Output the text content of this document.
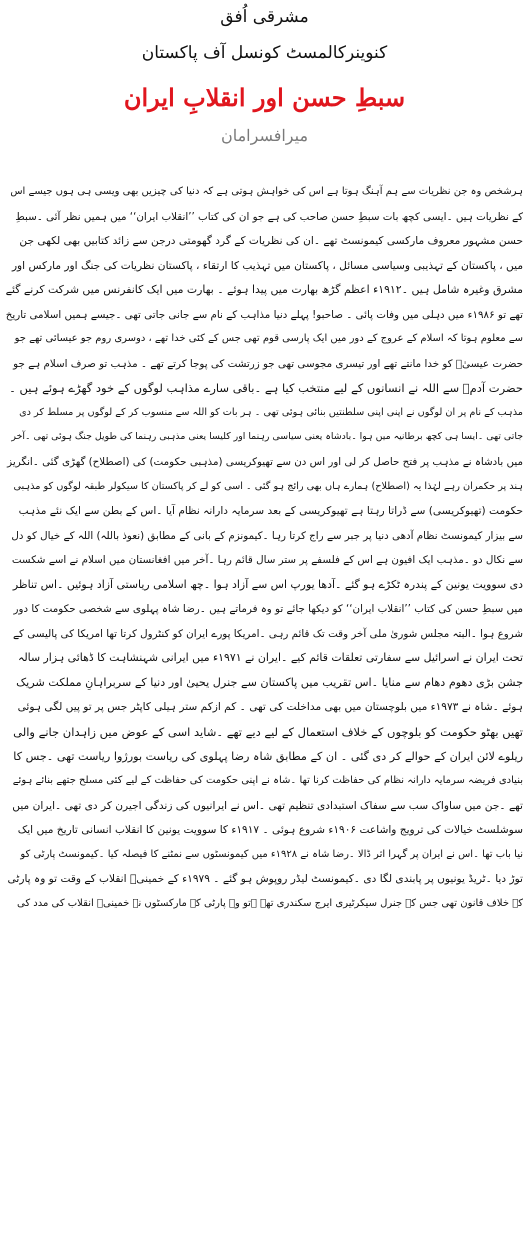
مشرقی اُفق
کنوینرکالمسٹ کونسل آف پاکستان
سبطِ حسن اور انقلابِ ایران
میرافسرامان
ہرشخص وہ جن نظریات سے ہم آہنگ ہوتا ہے اس کی خواہش ہوتی ہے کہ دنیا کی چیزیں بھی ویسی ہی ہوں جیسے اس
کے نظریات ہیں ۔ایسی کچھ بات سبطِ حسن صاحب کی ہے جو ان کی کتاب ’’انقلاب ایران‘‘ میں ہمیں نظر آئی ۔سبطِ
حسن مشہور معروف مارکسی کیمونسٹ تھے ۔ان کی نظریات کے گرد گھومتی درجن سے زائد کتابیں بھی لکھی جن
میں ، پاکستان کے تہذیبی وسیاسی مسائل ، پاکستان میں تہذیب کا ارتقاء ، پاکستان نظریات کی جنگ اور مارکس اور
مشرق وغیرہ شامل ہیں ۔۱۹۱۲ء اعظم گڑھ بھارت میں پیدا ہوئے ۔ بھارت میں ایک کانفرنس میں شرکت کرنے گئے
تھے تو ۱۹۸۶ء میں دہلی میں وفات پائی ۔ صاحبو! پہلے دنیا مذاہب کے نام سے جانی جاتی تھی ۔جیسے ہمیں اسلامی تاریخ
سے معلوم ہوتا کہ اسلام کے عروج کے دور میں ایک پارسی قوم تھی جس کے کئی خدا تھے ، دوسری روم جو عیسائی تھے جو
حضرت عیسیٰؑ کو خدا مانتے تھے اور تیسری مجوسی تھی جو زرتشت کی پوجا کرتے تھے ۔ مذہب تو صرف اسلام ہے جو
حضرت آدمؑ سے اللہ نے انسانوں کے لیے منتخب کیا ہے ۔باقی سارے مذاہب لوگوں کے خود گھڑے ہوئے ہیں ۔
مذہب کے نام پر ان لوگوں نے اپنی اپنی سلطنتیں بنائی ہوئی تھی ۔ ہر بات کو اللہ سے منسوب کر کے لوگوں پر مسلط کر دی
جاتی تھی ۔ایسا ہی کچھ برطانیہ میں ہوا ۔بادشاہ یعنی سیاسی رہنما اور کلیسا یعنی مذہبی رہنما کی طویل جنگ ہوئی تھی ۔آخر
میں بادشاہ نے مذہب پر فتح حاصل کر لی اور اس دن سے تھیوکریسی (مذہبی حکومت) کی (اصطلاح) گھڑی گئی ۔انگریز
ہند پر حکمران رہے لہٰذا یہ (اصطلاح) ہمارے ہاں بھی رائج ہو گئی ۔ اسی کو لے کر پاکستان کا سیکولر طبقہ لوگوں کو مذہبی
حکومت (تھیوکریسی) سے ڈراتا رہتا ہے تھیوکریسی کے بعد سرمایہ دارانہ نظام آیا ۔اس کے بطن سے ایک نئے مذہب
سے بیزار کیمونسٹ نظام آدھی دنیا پر جبر سے راج کرتا رہا ۔کیمونزم کے بانی کے مطابق (نعوذ باللہ) اللہ کے خیال کو دل
سے نکال دو ۔مذہب ایک افیون ہے اس کے فلسفے پر ستر سال قائم رہا ۔آخر میں افغانستان میں اسلام نے اسے شکست
دی سوویت یونین کے پندرہ ٹکڑے ہو گئے ۔آدھا یورپ اس سے آزاد ہوا ۔چھ اسلامی ریاستی آزاد ہوئیں ۔اس تناظر
میں سبطِ حسن کی کتاب ’’انقلاب ایران‘‘ کو دیکھا جائے تو وہ فرماتے ہیں ۔رضا شاہ پہلوی سے شخصی حکومت کا دور
شروع ہوا ۔البتہ مجلس شوریٰ ملی آخر وقت تک قائم رہی ۔امریکا پورے ایران کو کنٹرول کرتا تھا امریکا کی پالیسی کے
تحت ایران نے اسرائیل سے سفارتی تعلقات قائم کیے ۔ایران نے ۱۹۷۱ء میں ایرانی شہنشاہت کا ڈھائی ہزار سالہ
جشن بڑی دھوم دھام سے منایا ۔اس تقریب میں پاکستان سے جنرل یحییٰ اور دنیا کے سربراہانِ مملکت شریک
ہوئے ۔شاہ نے ۱۹۷۳ء میں بلوچستان میں بھی مداخلت کی تھی ۔ کم ازکم ستر ہیلی کاپٹر جس پر تو پیں لگی ہوئی
تھیں بھٹو حکومت کو بلوچوں کے خلاف استعمال کے لیے دیے تھے ۔شاید اسی کے عوض میں زاہدان جانے والی
ریلوے لائن ایران کے حوالے کر دی گئی ۔ ان کے مطابق شاہ رضا پہلوی کی ریاست بورژوا ریاست تھی ۔جس کا
بنیادی فریضہ سرمایہ دارانہ نظام کی حفاظت کرنا تھا ۔شاہ نے اپنی حکومت کی حفاظت کے لیے کئی مسلح جتھے بنائے ہوئے
تھے ۔جن میں ساواک سب سے سفاک استبدادی تنظیم تھی ۔اس نے ایرانیوں کی زندگی اجیرن کر دی تھی ۔ایران میں
سوشلسٹ خیالات کی ترویج واشاعت ۱۹۰۶ء شروع ہوئی ۔ ۱۹۱۷ء کا سوویت یونین کا انقلاب انسانی تاریخ میں ایک
نیا باب تھا ۔اس نے ایران پر گہرا اثر ڈالا ۔رضا شاہ نے ۱۹۲۸ء میں کیمونسٹوں سے نمٹنے کا فیصلہ کیا ۔کیمونسٹ پارٹی کو
توڑ دیا ۔ٹریڈ یونیوں پر پابندی لگا دی ۔کیمونسٹ لیڈر روپوش ہو گئے ۔ ۱۹۷۹ء کے خمینیؒ انقلاب کے وقت تو وہ پارٹی
کے خلاف قانون تھی جس کے جنرل سیکرٹیری ایرج سکندری تھے ۔تو وہ پارٹی کے مارکسٹوں نے خمینیؒ انقلاب کی مدد کی
